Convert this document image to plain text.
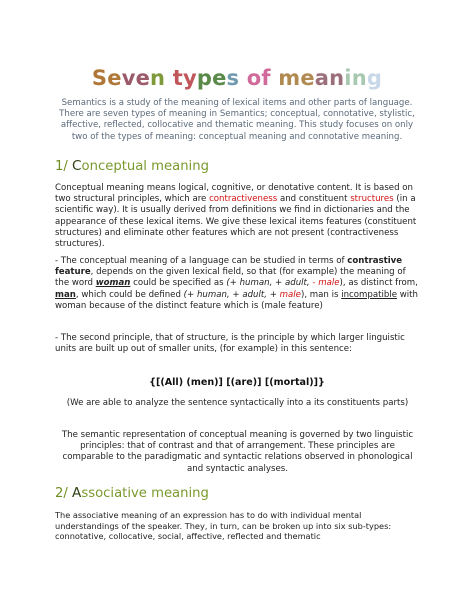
Seven types of meaning
Semantics is a study of the meaning of lexical items and other parts of language. There are seven types of meaning in Semantics; conceptual, connotative, stylistic, affective, reflected, collocative and thematic meaning. This study focuses on only two of the types of meaning: conceptual meaning and connotative meaning.
1/ Conceptual meaning
Conceptual meaning means logical, cognitive, or denotative content. It is based on two structural principles, which are contractiveness and constituent structures (in a scientific way). It is usually derived from definitions we find in dictionaries and the appearance of these lexical items. We give these lexical items features (constituent structures) and eliminate other features which are not present (contractiveness structures).
- The conceptual meaning of a language can be studied in terms of contrastive feature, depends on the given lexical field, so that (for example) the meaning of the word woman could be specified as (+ human, + adult, - male), as distinct from, man, which could be defined (+ human, + adult, + male), man is incompatible with woman because of the distinct feature which is (male feature)
- The second principle, that of structure, is the principle by which larger linguistic units are built up out of smaller units, (for example) in this sentence:
{[(All) (men)] [(are)] [(mortal)]}
(We are able to analyze the sentence syntactically into a its constituents parts)
The semantic representation of conceptual meaning is governed by two linguistic principles: that of contrast and that of arrangement. These principles are comparable to the paradigmatic and syntactic relations observed in phonological and syntactic analyses.
2/ Associative meaning
The associative meaning of an expression has to do with individual mental understandings of the speaker. They, in turn, can be broken up into six sub-types: connotative, collocative, social, affective, reflected and thematic
